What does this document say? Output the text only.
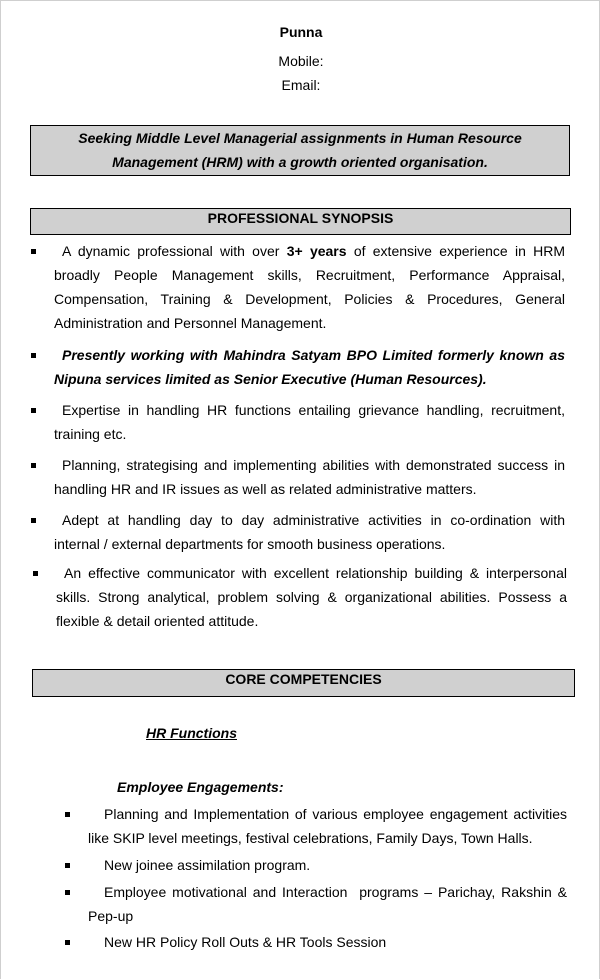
Punna
Mobile:
Email:
Seeking Middle Level Managerial assignments in Human Resource
Management (HRM) with a growth oriented organisation.
PROFESSIONAL SYNOPSIS
A dynamic professional with over 3+ years of extensive experience in HRM broadly People Management skills, Recruitment, Performance Appraisal, Compensation, Training & Development, Policies & Procedures, General Administration and Personnel Management.
Presently working with Mahindra Satyam BPO Limited formerly known as Nipuna services limited as Senior Executive (Human Resources).
Expertise in handling HR functions entailing grievance handling, recruitment, training etc.
Planning, strategising and implementing abilities with demonstrated success in handling HR and IR issues as well as related administrative matters.
Adept at handling day to day administrative activities in co-ordination with internal / external departments for smooth business operations.
An effective communicator with excellent relationship building & interpersonal skills. Strong analytical, problem solving & organizational abilities. Possess a flexible & detail oriented attitude.
CORE COMPETENCIES
HR Functions
Employee Engagements:
Planning and Implementation of various employee engagement activities like SKIP level meetings, festival celebrations, Family Days, Town Halls.
New joinee assimilation program.
Employee motivational and Interaction  programs – Parichay, Rakshin & Pep-up
New HR Policy Roll Outs & HR Tools Session
